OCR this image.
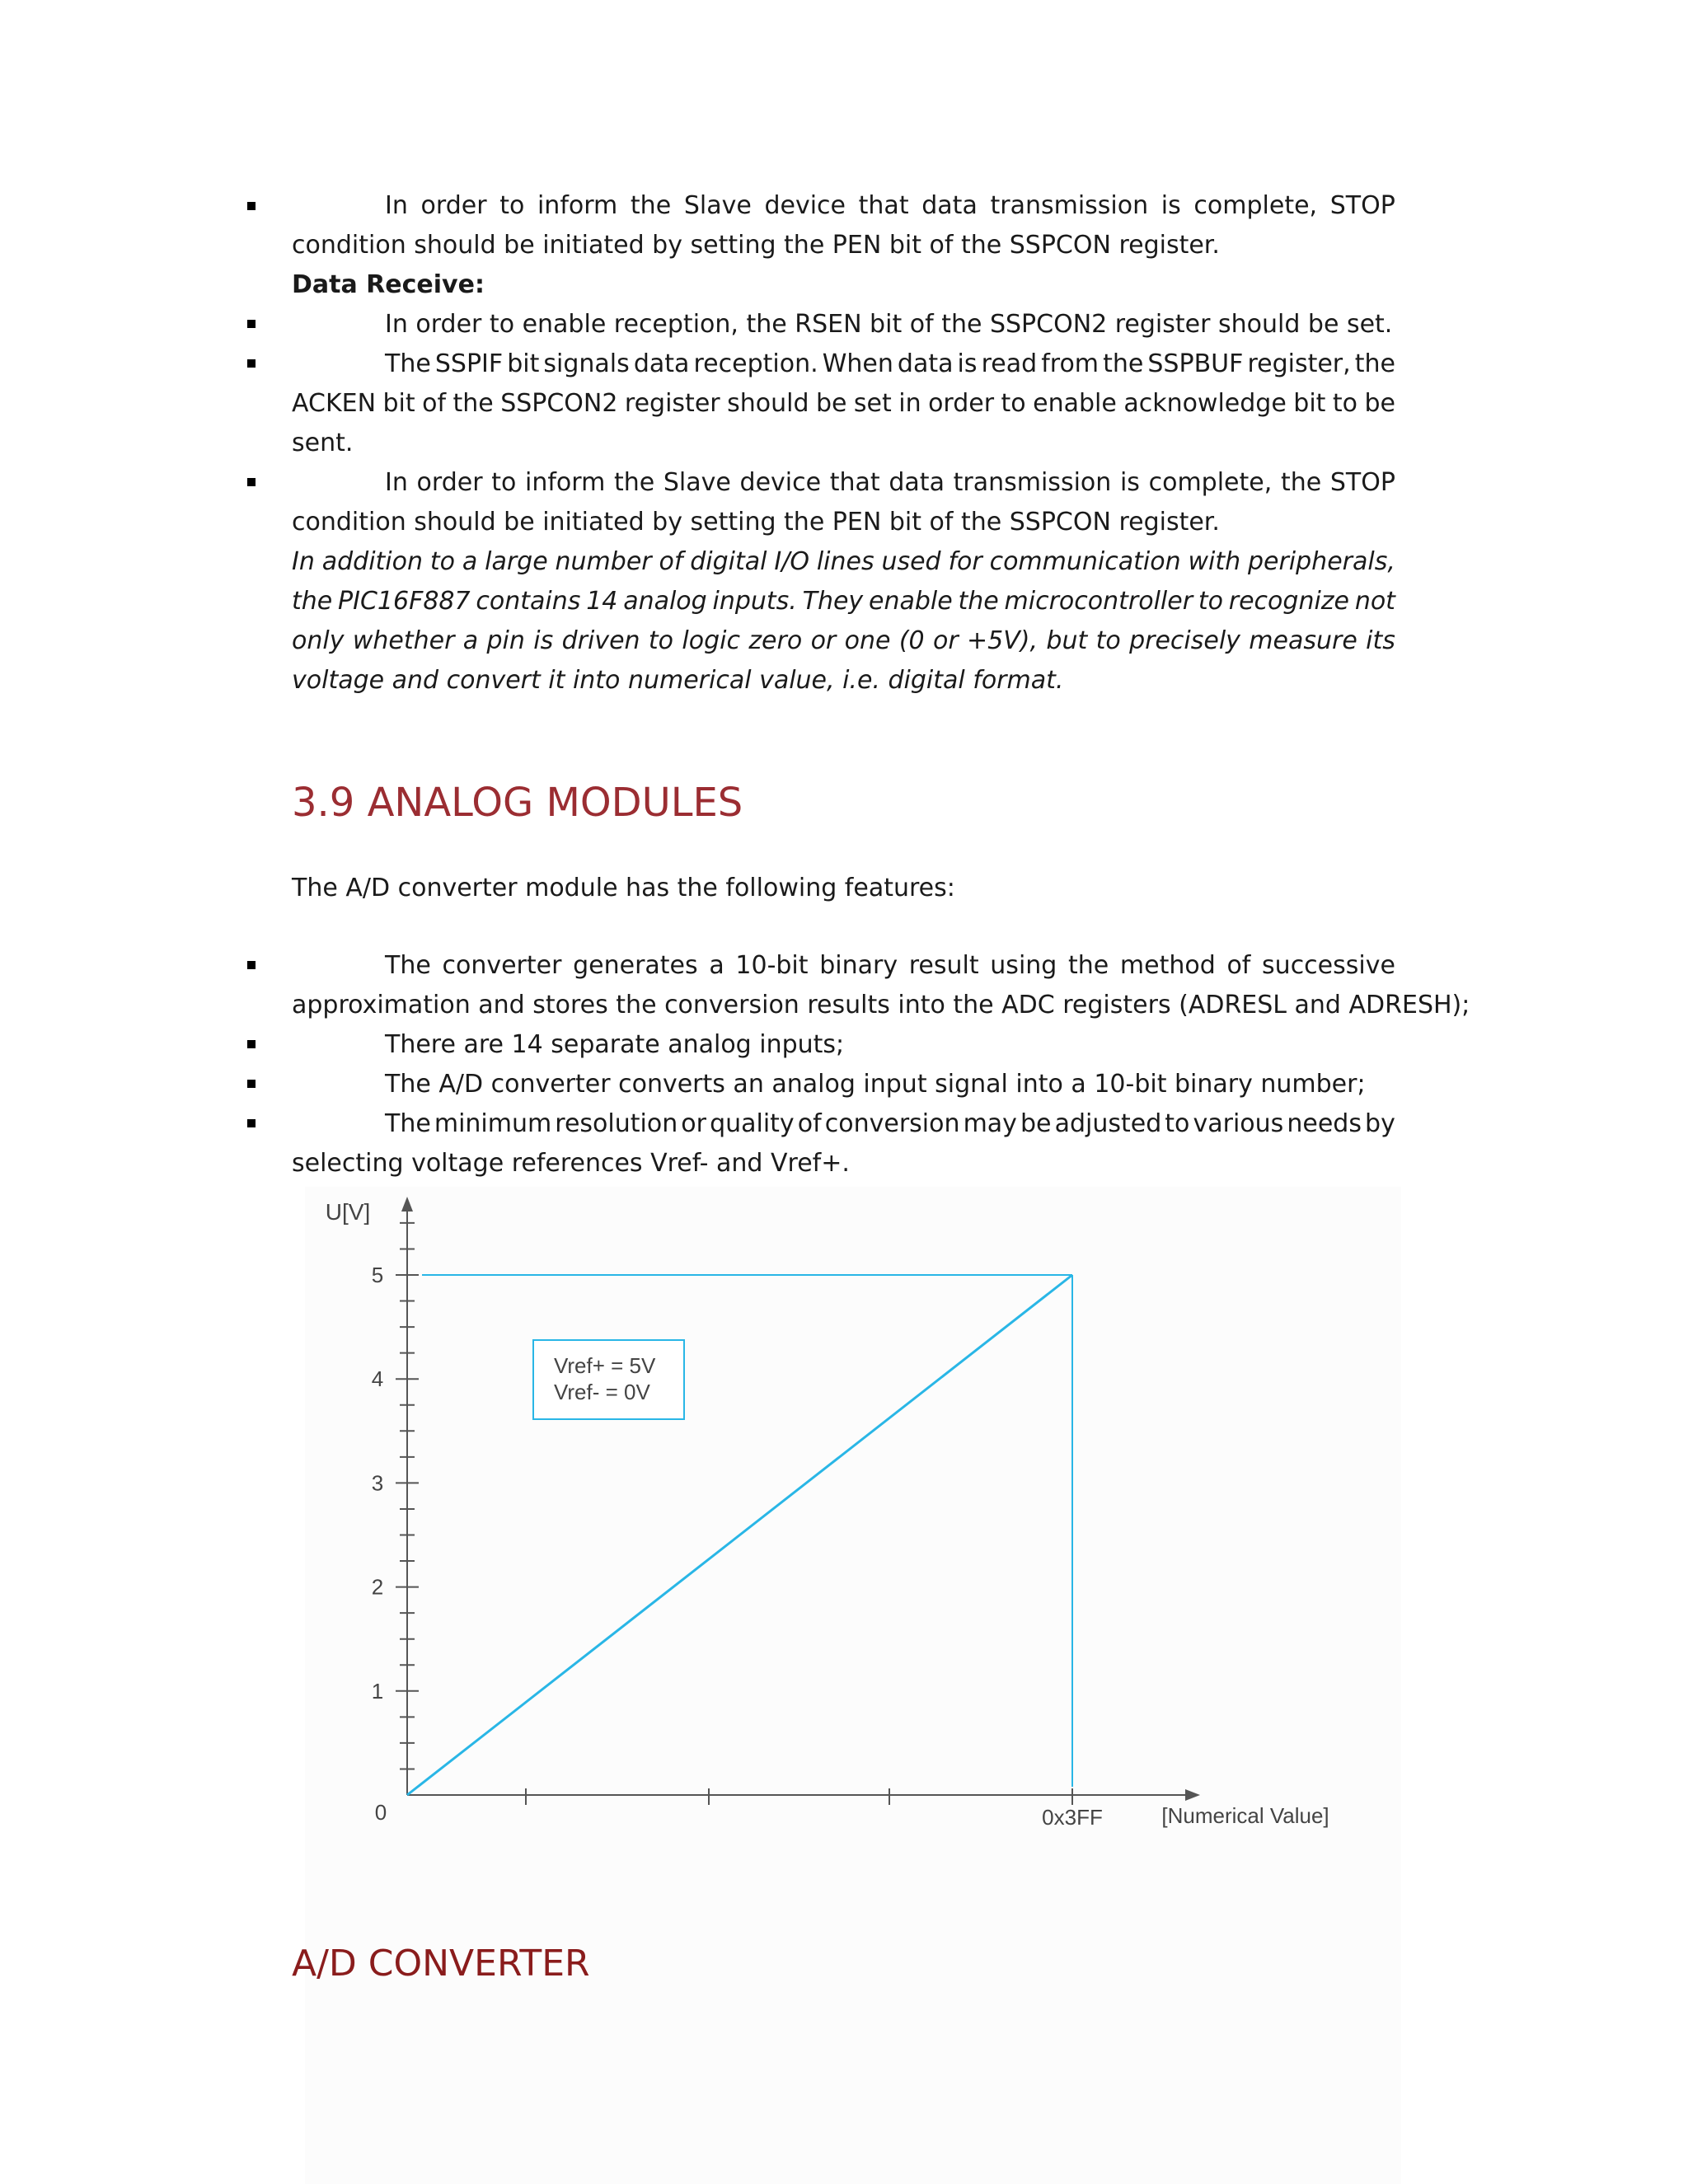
In order to inform the Slave device that data transmission is complete, STOP

condition should be initiated by setting the PEN bit of the SSPCON register.

Data Receive:

In order to enable reception, the RSEN bit of the SSPCON2 register should be set.

The SSPIF bit signals data reception. When data is read from the SSPBUF register, the
ACKEN bit of the SSPCON2 register should be set in order to enable acknowledge bit to be

sent.

In order to inform the Slave device that data transmission is complete, the STOP

condition should be initiated by setting the PEN bit of the SSPCON register.

In addition to a large number of digital I/O lines used for communication with peripherals,
the PIC16F887 contains 14 analog inputs. They enable the microcontroller to recognize not
only whether a pin is driven to logic zero or one (0 or +5V), but to precisely measure its

voltage and convert it into numerical value, i.e. digital format.

3.9 ANALOG MODULES

The A/D converter module has the following features:

The converter generates a 10-bit binary result using the method of successive

approximation and stores the conversion results into the ADC registers (ADRESL and ADRESH);

There are 14 separate analog inputs;

The A/D converter converts an analog input signal into a 10-bit binary number;

The minimum resolution or quality of conversion may be adjusted to various needs by

selecting voltage references Vref- and Vref+.

0
1
2
3
4
5
U[V]
0x3FF	[Numerical Value]
Vref+ = 5V
Vref- = 0V
A/D CONVERTER
